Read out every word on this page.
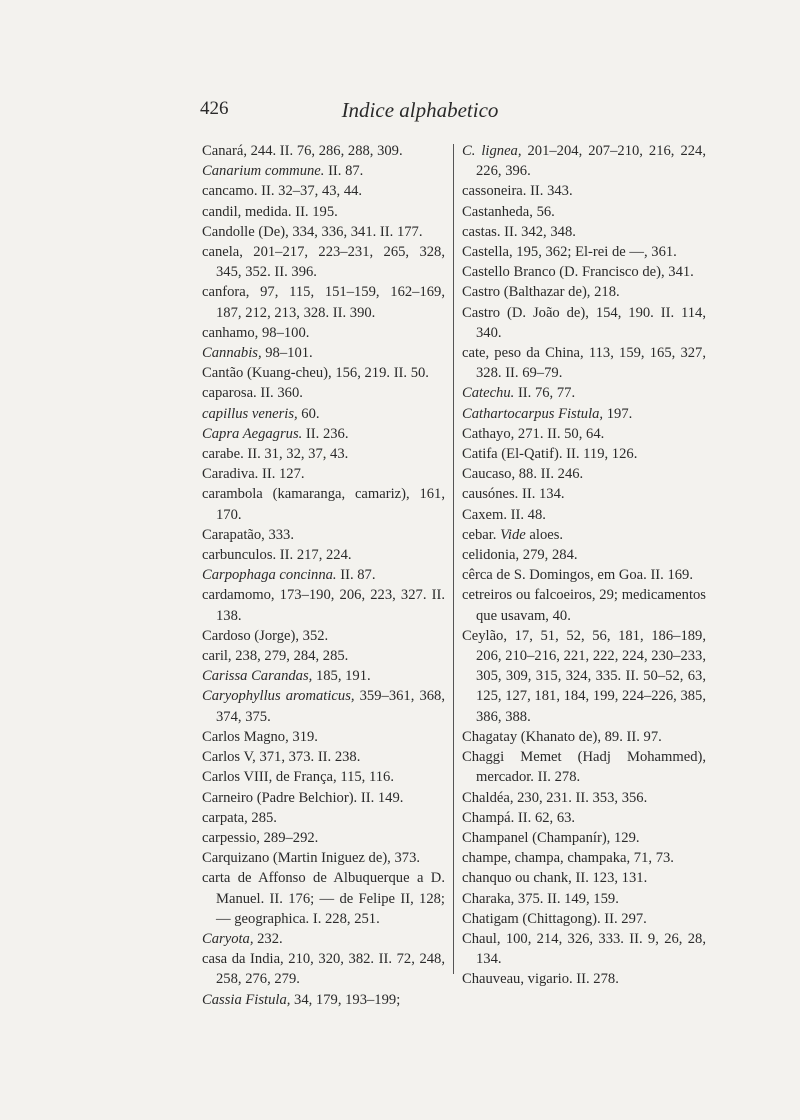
426	Indice alphabetico

Canará, 244. II. 76, 286, 288, 309.

Canarium commune. II. 87.

cancamo. II. 32–37, 43, 44.

candil, medida. II. 195.

Candolle (De), 334, 336, 341. II. 177.

canela, 201–217, 223–231, 265, 328, 345, 352. II. 396.

canfora, 97, 115, 151–159, 162–169, 187, 212, 213, 328. II. 390.

canhamo, 98–100.

Cannabis, 98–101.

Cantão (Kuang-cheu), 156, 219. II. 50.

caparosa. II. 360.

capillus veneris, 60.

Capra Aegagrus. II. 236.

carabe. II. 31, 32, 37, 43.

Caradiva. II. 127.

carambola (kamaranga, camariz), 161, 170.

Carapatão, 333.

carbunculos. II. 217, 224.

Carpophaga concinna. II. 87.

cardamomo, 173–190, 206, 223, 327. II. 138.

Cardoso (Jorge), 352.

caril, 238, 279, 284, 285.

Carissa Carandas, 185, 191.

Caryophyllus aromaticus, 359–361, 368, 374, 375.

Carlos Magno, 319.

Carlos V, 371, 373. II. 238.

Carlos VIII, de França, 115, 116.

Carneiro (Padre Belchior). II. 149.

carpata, 285.

carpessio, 289–292.

Carquizano (Martin Iniguez de), 373.

carta de Affonso de Albuquerque a D. Manuel. II. 176; — de Felipe II, 128; — geographica. I. 228, 251.

Caryota, 232.

casa da India, 210, 320, 382. II. 72, 248, 258, 276, 279.

Cassia Fistula, 34, 179, 193–199;

C. lignea, 201–204, 207–210, 216, 224, 226, 396.

cassoneira. II. 343.

Castanheda, 56.

castas. II. 342, 348.

Castella, 195, 362; El-rei de —, 361.

Castello Branco (D. Francisco de), 341.

Castro (Balthazar de), 218.

Castro (D. João de), 154, 190. II. 114, 340.

cate, peso da China, 113, 159, 165, 327, 328. II. 69–79.

Catechu. II. 76, 77.

Cathartocarpus Fistula, 197.

Cathayo, 271. II. 50, 64.

Catifa (El-Qatif). II. 119, 126.

Caucaso, 88. II. 246.

causónes. II. 134.

Caxem. II. 48.

cebar. Vide aloes.

celidonia, 279, 284.

cêrca de S. Domingos, em Goa. II. 169.

cetreiros ou falcoeiros, 29; medicamentos que usavam, 40.

Ceylão, 17, 51, 52, 56, 181, 186–189, 206, 210–216, 221, 222, 224, 230–233, 305, 309, 315, 324, 335. II. 50–52, 63, 125, 127, 181, 184, 199, 224–226, 385, 386, 388.

Chagatay (Khanato de), 89. II. 97.

Chaggi Memet (Hadj Mohammed), mercador. II. 278.

Chaldéa, 230, 231. II. 353, 356.

Champá. II. 62, 63.

Champanel (Champanír), 129.

champe, champa, champaka, 71, 73.

chanquo ou chank, II. 123, 131.

Charaka, 375. II. 149, 159.

Chatigam (Chittagong). II. 297.

Chaul, 100, 214, 326, 333. II. 9, 26, 28, 134.

Chauveau, vigario. II. 278.
